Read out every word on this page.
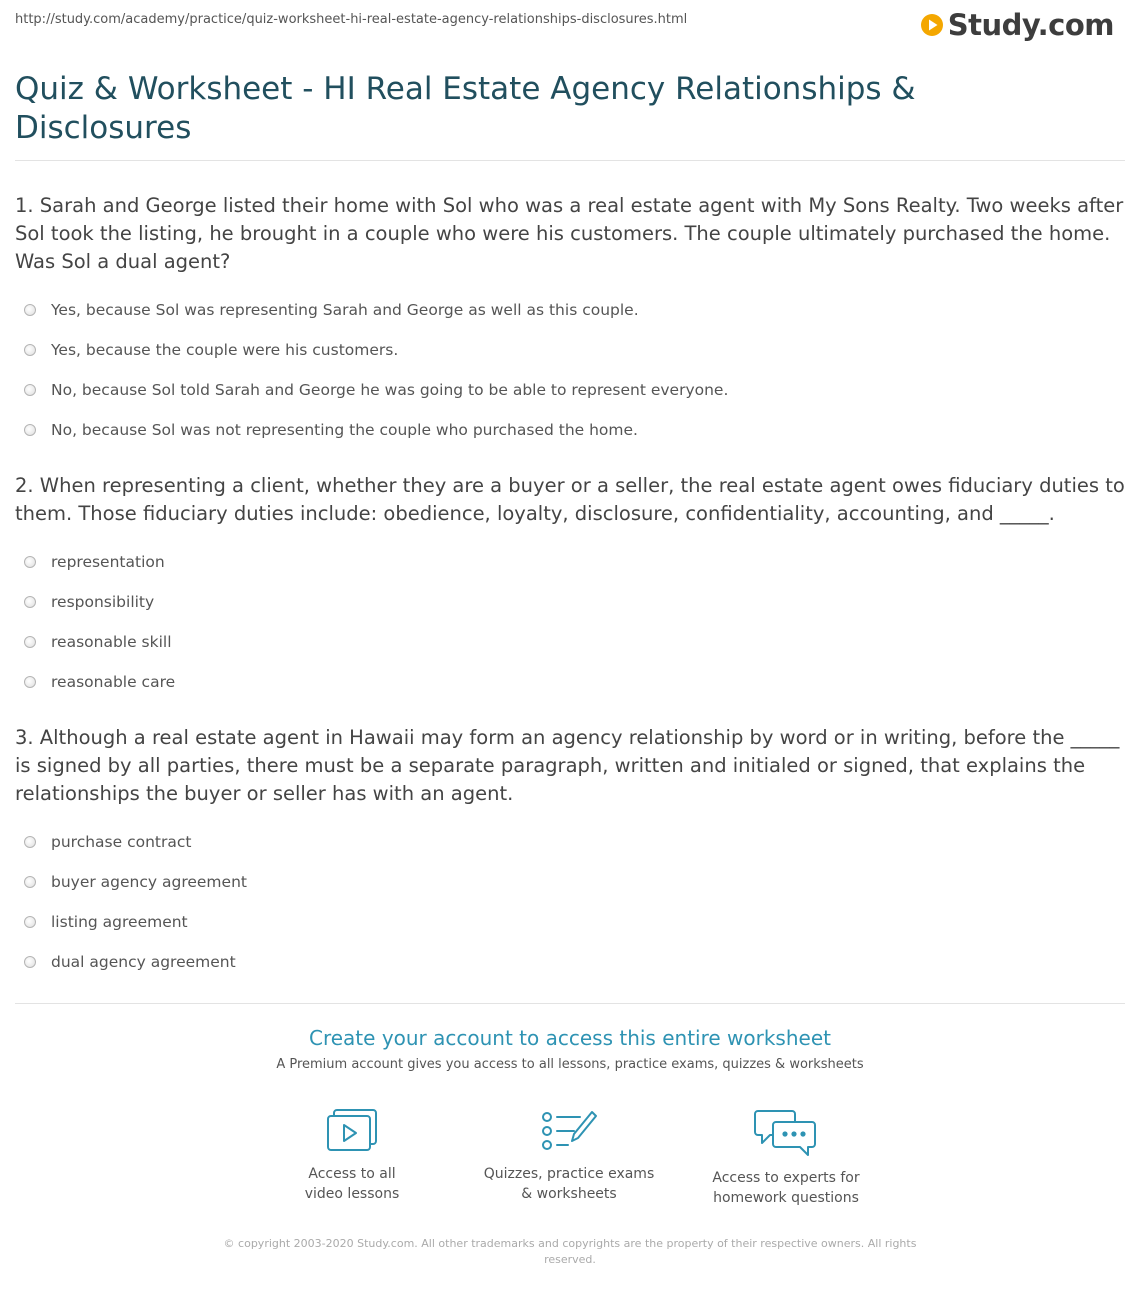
http://study.com/academy/practice/quiz-worksheet-hi-real-estate-agency-relationships-disclosures.html	Study.com
Quiz & Worksheet - HI Real Estate Agency Relationships & Disclosures

1. Sarah and George listed their home with Sol who was a real estate agent with My Sons Realty. Two weeks after Sol took the listing, he brought in a couple who were his customers. The couple ultimately purchased the home. Was Sol a dual agent?

Yes, because Sol was representing Sarah and George as well as this couple.
Yes, because the couple were his customers.
No, because Sol told Sarah and George he was going to be able to represent everyone.
No, because Sol was not representing the couple who purchased the home.

2. When representing a client, whether they are a buyer or a seller, the real estate agent owes fiduciary duties to them. Those fiduciary duties include: obedience, loyalty, disclosure, confidentiality, accounting, and _____.

representation
responsibility
reasonable skill
reasonable care

3. Although a real estate agent in Hawaii may form an agency relationship by word or in writing, before the _____ is signed by all parties, there must be a separate paragraph, written and initialed or signed, that explains the relationships the buyer or seller has with an agent.

purchase contract
buyer agency agreement
listing agreement
dual agency agreement
Create your account to access this entire worksheet
A Premium account gives you access to all lessons, practice exams, quizzes & worksheets
Access to all
video lessons
Quizzes, practice exams
& worksheets
Access to experts for
homework questions
© copyright 2003-2020 Study.com. All other trademarks and copyrights are the property of their respective owners. All rights reserved.
